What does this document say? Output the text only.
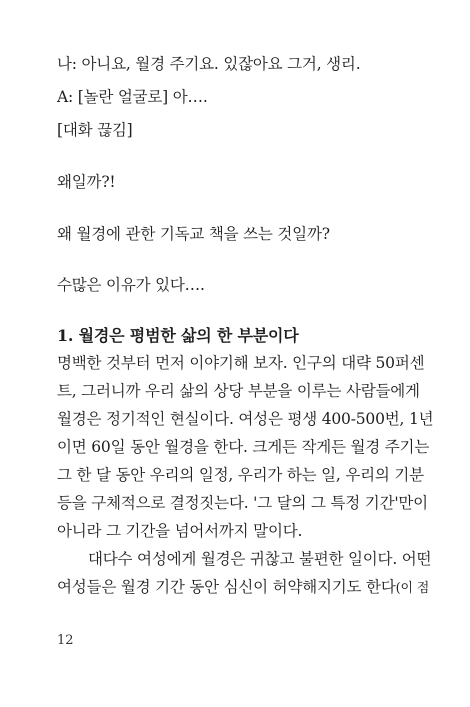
나: 아니요, 월경 주기요. 있잖아요 그거, 생리.
A: [놀란 얼굴로] 아….
[대화 끊김]
왜일까?!
왜 월경에 관한 기독교 책을 쓰는 것일까?
수많은 이유가 있다….
1. 월경은 평범한 삶의 한 부분이다
명백한 것부터 먼저 이야기해 보자. 인구의 대략 50퍼센
트, 그러니까 우리 삶의 상당 부분을 이루는 사람들에게
월경은 정기적인 현실이다. 여성은 평생 400-500번, 1년
이면 60일 동안 월경을 한다. 크게든 작게든 월경 주기는
그 한 달 동안 우리의 일정, 우리가 하는 일, 우리의 기분
등을 구체적으로 결정짓는다. '그 달의 그 특정 기간'만이
아니라 그 기간을 넘어서까지 말이다.
대다수 여성에게 월경은 귀찮고 불편한 일이다. 어떤
여성들은 월경 기간 동안 심신이 허약해지기도 한다(이 점
12
